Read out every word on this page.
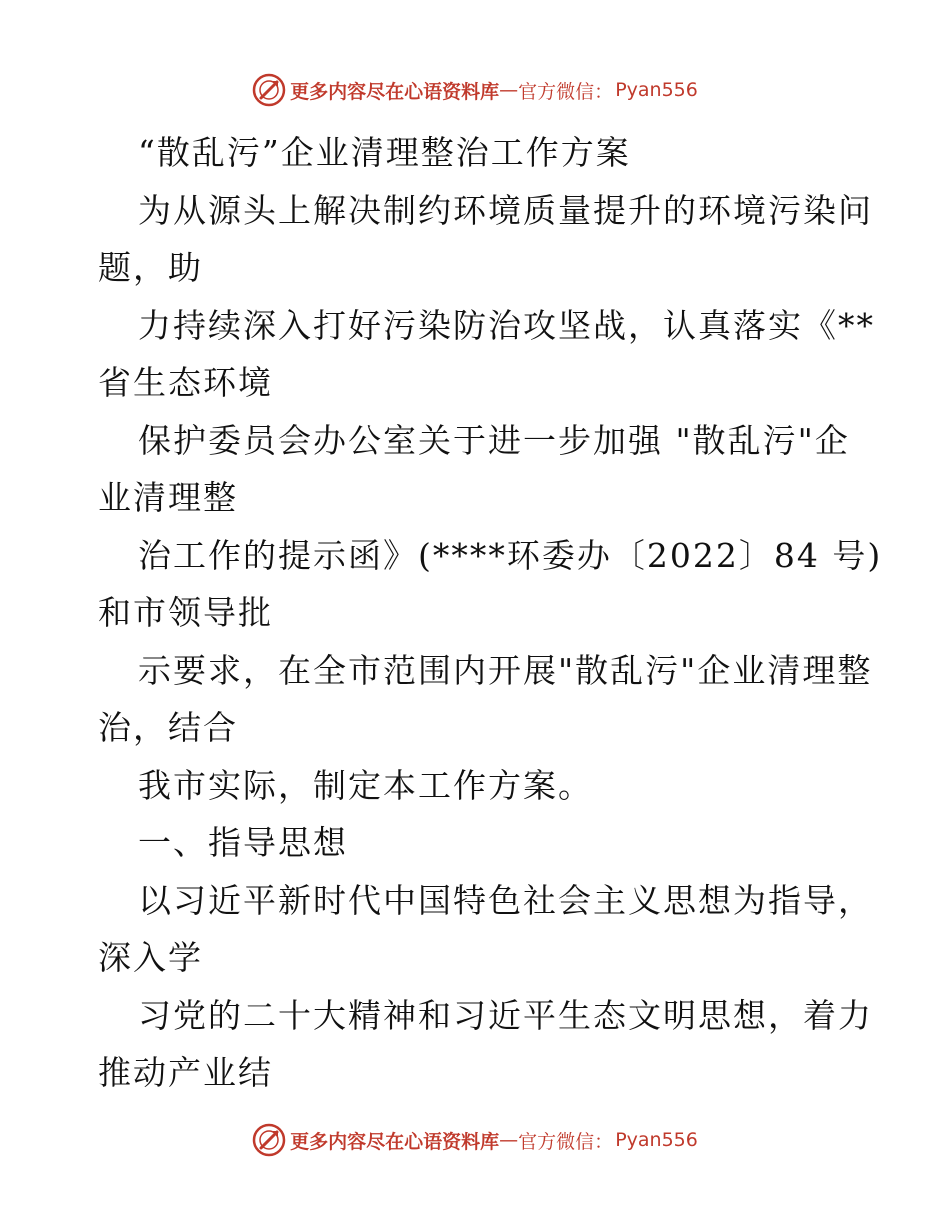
更多内容尽在心语资料库 — 官方微信： Pyan556
“散乱污”企业清理整治工作方案
为从源头上解决制约环境质量提升的环境污染问
题，助
力持续深入打好污染防治攻坚战，认真落实《**
省生态环境
保护委员会办公室关于进一步加强 "散乱污"企
业清理整
治工作的提示函》(****环委办〔2022〕84 号)
和市领导批
示要求，在全市范围内开展"散乱污"企业清理整
治，结合
我市实际，制定本工作方案。
一、指导思想
以习近平新时代中国特色社会主义思想为指导，
深入学
习党的二十大精神和习近平生态文明思想，着力
推动产业结
更多内容尽在心语资料库 — 官方微信： Pyan556
